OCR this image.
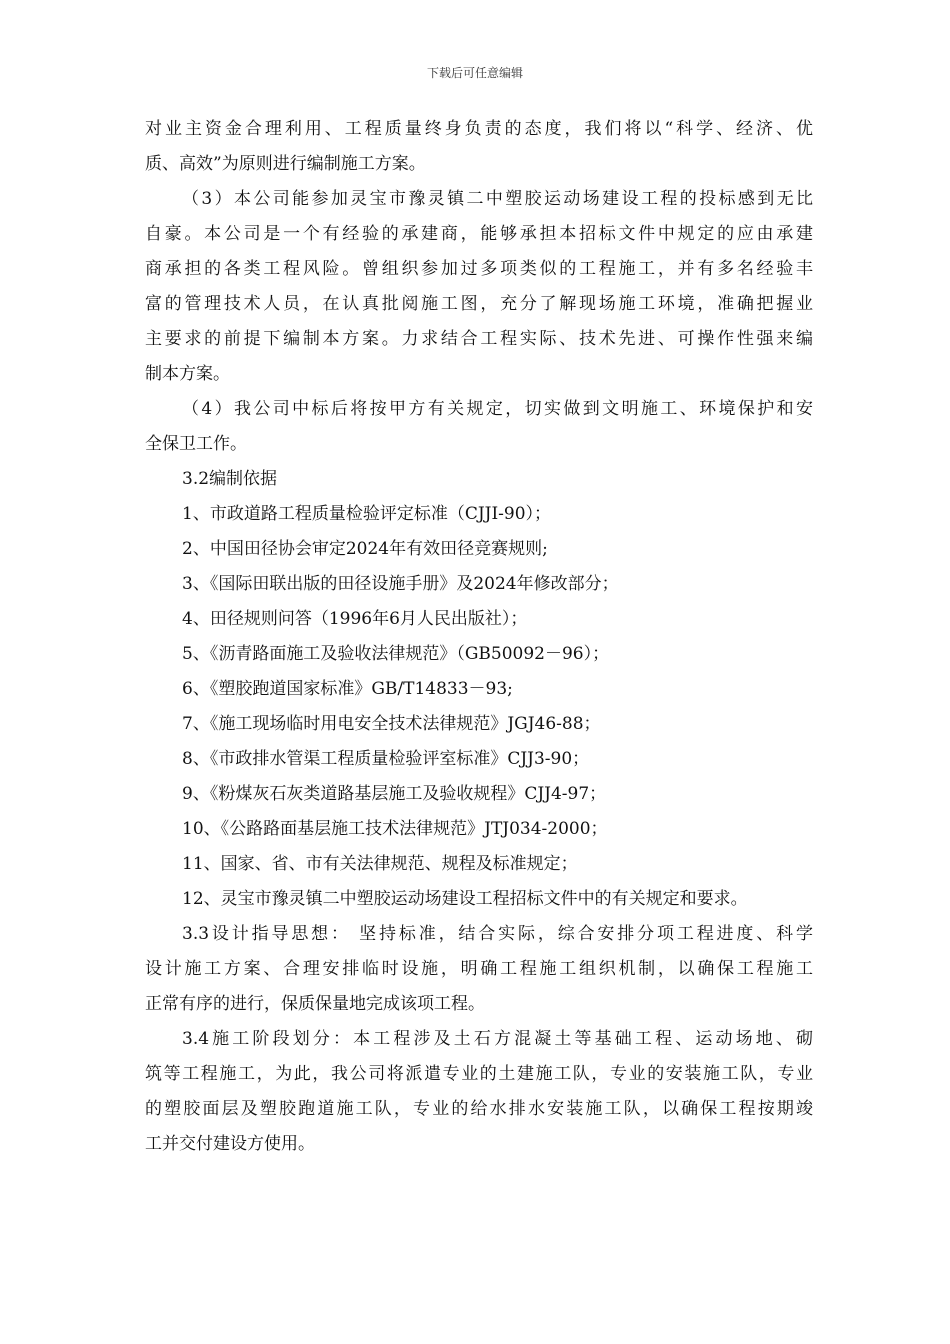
下载后可任意编辑
对业主资金合理利用、工程质量终身负责的态度，我们将以“科学、经济、优
质、高效”为原则进行编制施工方案。
（3）本公司能参加灵宝市豫灵镇二中塑胶运动场建设工程的投标感到无比
自豪。本公司是一个有经验的承建商，能够承担本招标文件中规定的应由承建
商承担的各类工程风险。曾组织参加过多项类似的工程施工，并有多名经验丰
富的管理技术人员，在认真批阅施工图，充分了解现场施工环境，准确把握业
主要求的前提下编制本方案。力求结合工程实际、技术先进、可操作性强来编
制本方案。
（4）我公司中标后将按甲方有关规定，切实做到文明施工、环境保护和安
全保卫工作。
3.2编制依据
1、市政道路工程质量检验评定标准（CJJI-90）；
2、中国田径协会审定2024年有效田径竞赛规则;
3、《国际田联出版的田径设施手册》及2024年修改部分；
4、田径规则问答（1996年6月人民出版社）；
5、《沥青路面施工及验收法律规范》（GB50092－96）；
6、《塑胶跑道国家标准》GB/T14833－93;
7、《施工现场临时用电安全技术法律规范》JGJ46-88；
8、《市政排水管渠工程质量检验评室标准》CJJ3-90；
9、《粉煤灰石灰类道路基层施工及验收规程》CJJ4-97；
10、《公路路面基层施工技术法律规范》JTJ034-2000；
11、国家、省、市有关法律规范、规程及标准规定；
12、灵宝市豫灵镇二中塑胶运动场建设工程招标文件中的有关规定和要求。
3.3设计指导思想： 坚持标准，结合实际，综合安排分项工程进度、科学
设计施工方案、合理安排临时设施，明确工程施工组织机制，以确保工程施工
正常有序的进行，保质保量地完成该项工程。
3.4施工阶段划分：本工程涉及土石方混凝土等基础工程、运动场地、砌
筑等工程施工，为此，我公司将派遣专业的土建施工队，专业的安装施工队，专业
的塑胶面层及塑胶跑道施工队，专业的给水排水安装施工队，以确保工程按期竣
工并交付建设方使用。
